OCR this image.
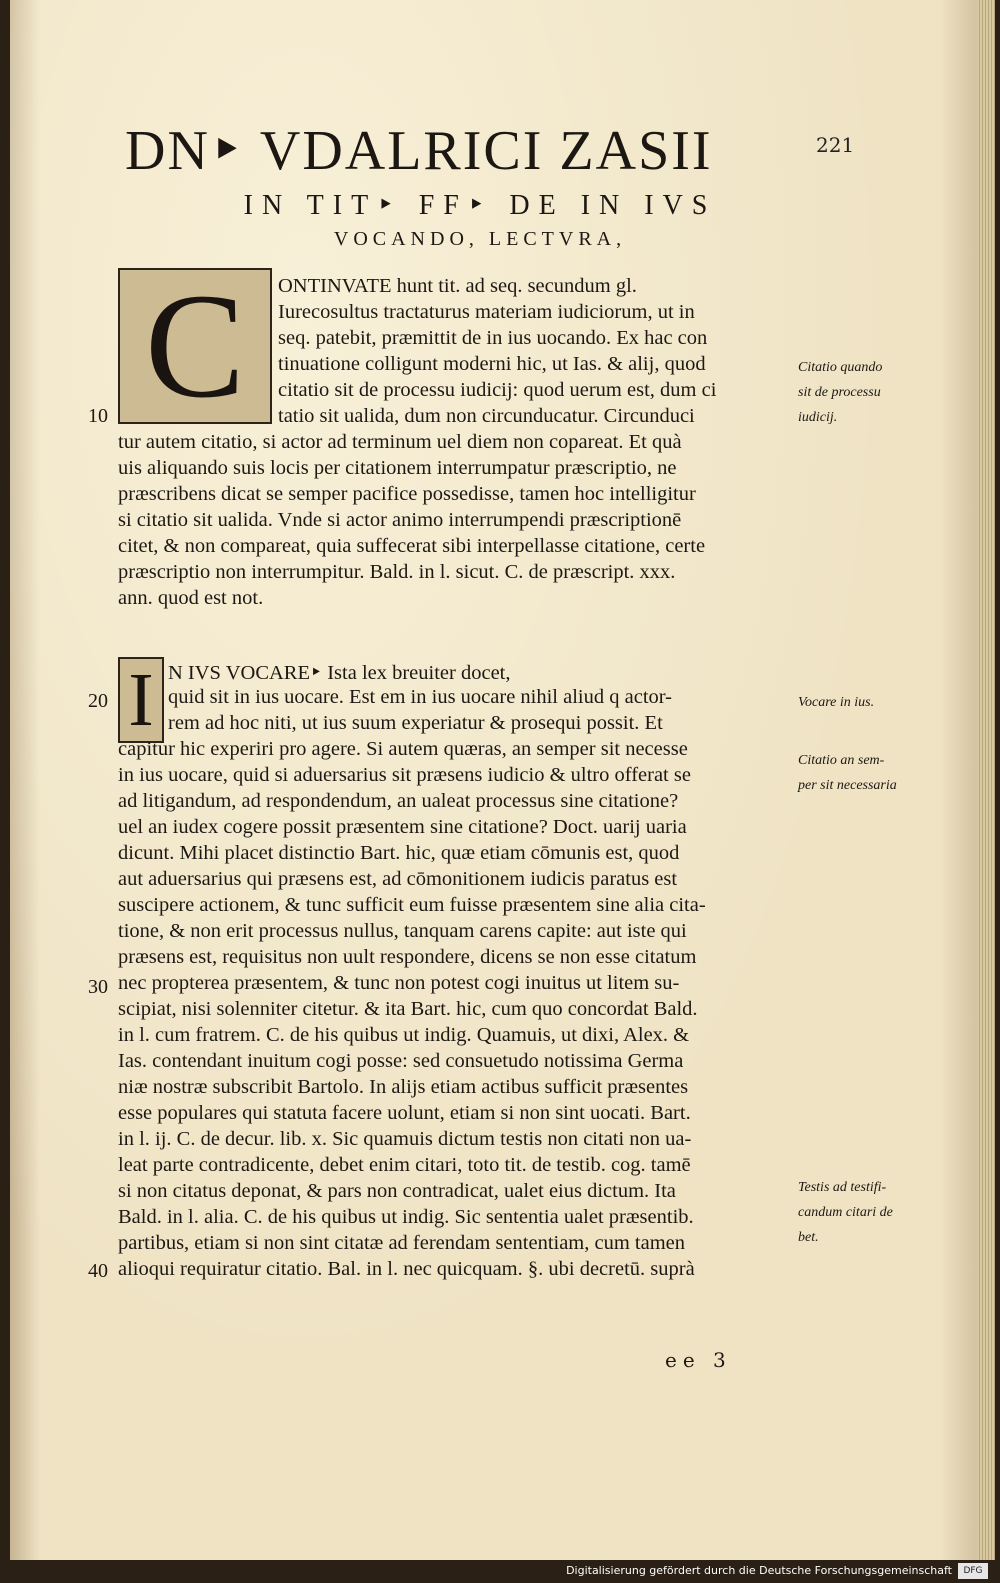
221
DN‣ VDALRICI ZASII
IN TIT‣ FF‣ DE IN IVS
VOCANDO, LECTVRA,
C
I
ONTINVATE hunt tit. ad seq. secundum gl.
Iurecosultus tractaturus materiam iudiciorum, ut in
seq. patebit, præmittit de in ius uocando. Ex hac con
tinuatione colligunt moderni hic, ut Ias. & alij, quod
citatio sit de processu iudicij: quod uerum est, dum ci
tatio sit ualida, dum non circunducatur. Circunduci
tur autem citatio, si actor ad terminum uel diem non copareat. Et quà
uis aliquando suis locis per citationem interrumpatur præscriptio, ne
præscribens dicat se semper pacifice possedisse, tamen hoc intelligitur
si citatio sit ualida. Vnde si actor animo interrumpendi præscriptionē
citet, & non compareat, quia suffecerat sibi interpellasse citatione, certe
præscriptio non interrumpitur. Bald. in l. sicut. C. de præscript. xxx.
ann. quod est not.
N IVS VOCARE‣ Ista lex breuiter docet,
quid sit in ius uocare. Est em in ius uocare nihil aliud q actor-
rem ad hoc niti, ut ius suum experiatur & prosequi possit. Et
capitur hic experiri pro agere. Si autem quæras, an semper sit necesse
in ius uocare, quid si aduersarius sit præsens iudicio & ultro offerat se
ad litigandum, ad respondendum, an ualeat processus sine citatione?
uel an iudex cogere possit præsentem sine citatione? Doct. uarij uaria
dicunt. Mihi placet distinctio Bart. hic, quæ etiam cōmunis est, quod
aut aduersarius qui præsens est, ad cōmonitionem iudicis paratus est
suscipere actionem, & tunc sufficit eum fuisse præsentem sine alia cita-
tione, & non erit processus nullus, tanquam carens capite: aut iste qui
præsens est, requisitus non uult respondere, dicens se non esse citatum
nec propterea præsentem, & tunc non potest cogi inuitus ut litem su-
scipiat, nisi solenniter citetur. & ita Bart. hic, cum quo concordat Bald.
in l. cum fratrem. C. de his quibus ut indig. Quamuis, ut dixi, Alex. &
Ias. contendant inuitum cogi posse: sed consuetudo notissima Germa
niæ nostræ subscribit Bartolo. In alijs etiam actibus sufficit præsentes
esse populares qui statuta facere uolunt, etiam si non sint uocati. Bart.
in l. ij. C. de decur. lib. x. Sic quamuis dictum testis non citati non ua-
leat parte contradicente, debet enim citari, toto tit. de testib. cog. tamē
si non citatus deponat, & pars non contradicat, ualet eius dictum. Ita
Bald. in l. alia. C. de his quibus ut indig. Sic sententia ualet præsentib.
partibus, etiam si non sint citatæ ad ferendam sententiam, cum tamen
alioqui requiratur citatio. Bal. in l. nec quicquam. §. ubi decretū. suprà
10
20
30
40
Citatio quando
sit de processu
iudicij.
Vocare in ius.
Citatio an sem-
per sit necessaria
Testis ad testifi-
candum citari de
bet.
ee 3
Digitalisierung gefördert durch die Deutsche Forschungsgemeinschaft	DFG
